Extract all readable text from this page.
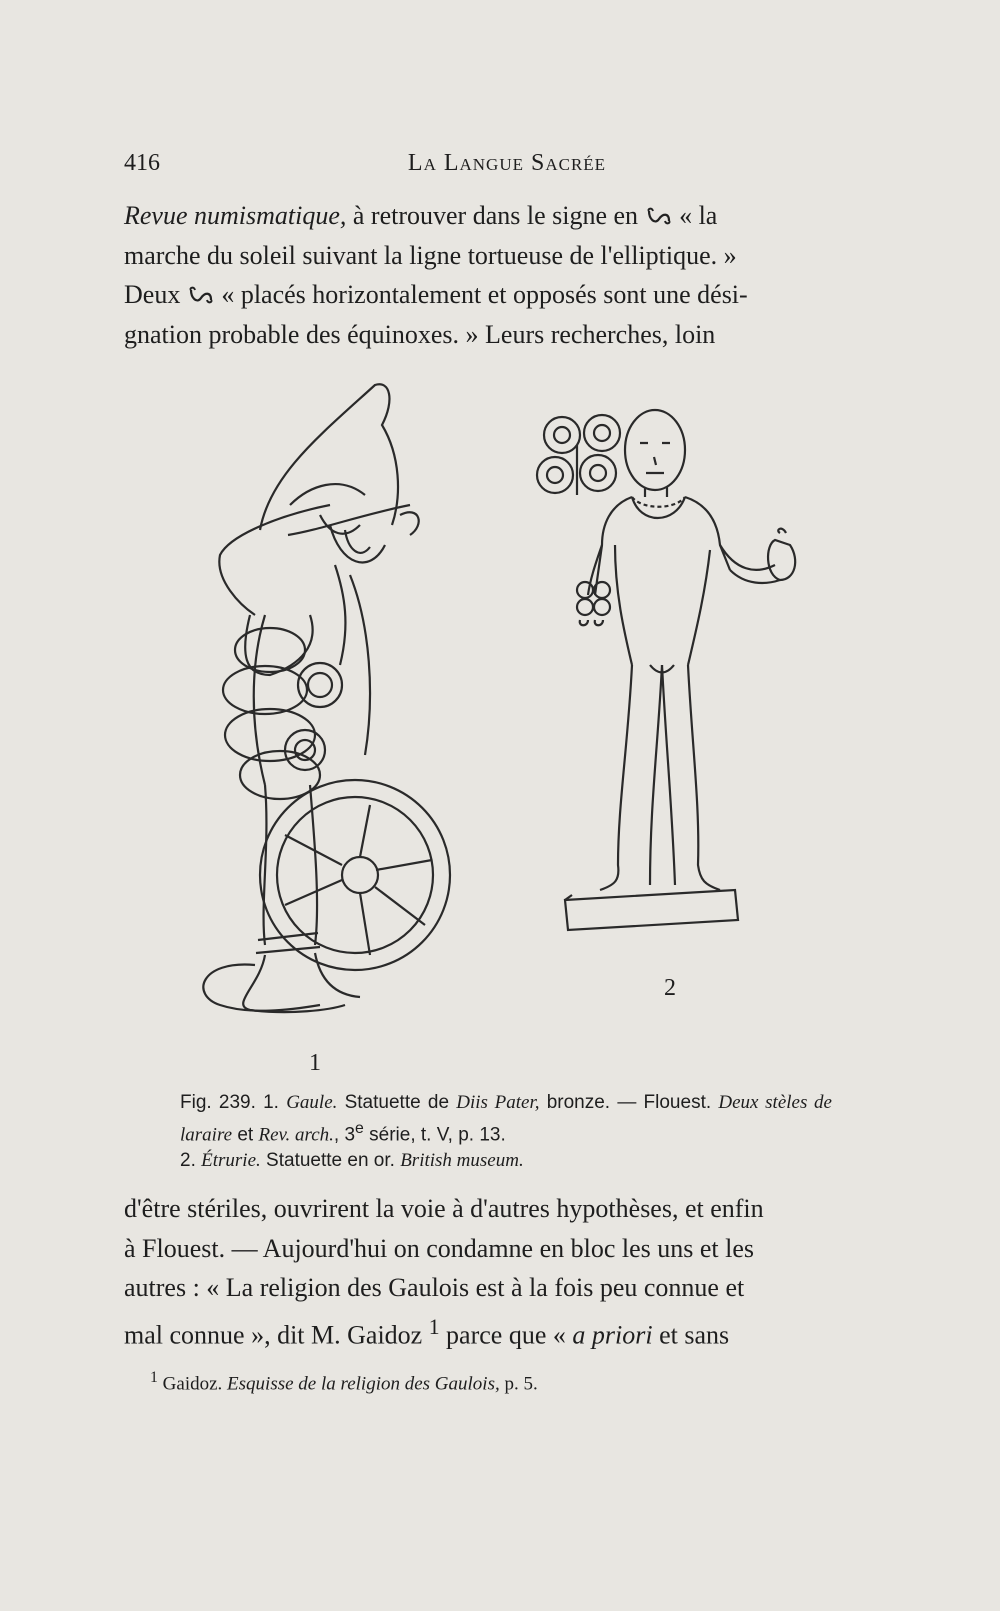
416	La Langue Sacrée

Revue numismatique, à retrouver dans le signe en  « la

marche du soleil suivant la ligne tortueuse de l'elliptique. »

Deux  « placés horizontalement et opposés sont une dési-

gnation probable des équinoxes. » Leurs recherches, loin

1
2

Fig. 239. 1. Gaule. Statuette de Diis Pater, bronze. — Flouest. Deux stèles de laraire et Rev. arch., 3e série, t. V, p. 13.

2. Étrurie. Statuette en or. British museum.

d'être stériles, ouvrirent la voie à d'autres hypothèses, et enfin

à Flouest. — Aujourd'hui on condamne en bloc les uns et les

autres : « La religion des Gaulois est à la fois peu connue et

mal connue », dit M. Gaidoz $^1$ parce que « a priori et sans

$^1$ Gaidoz. Esquisse de la religion des Gaulois, p. 5.
